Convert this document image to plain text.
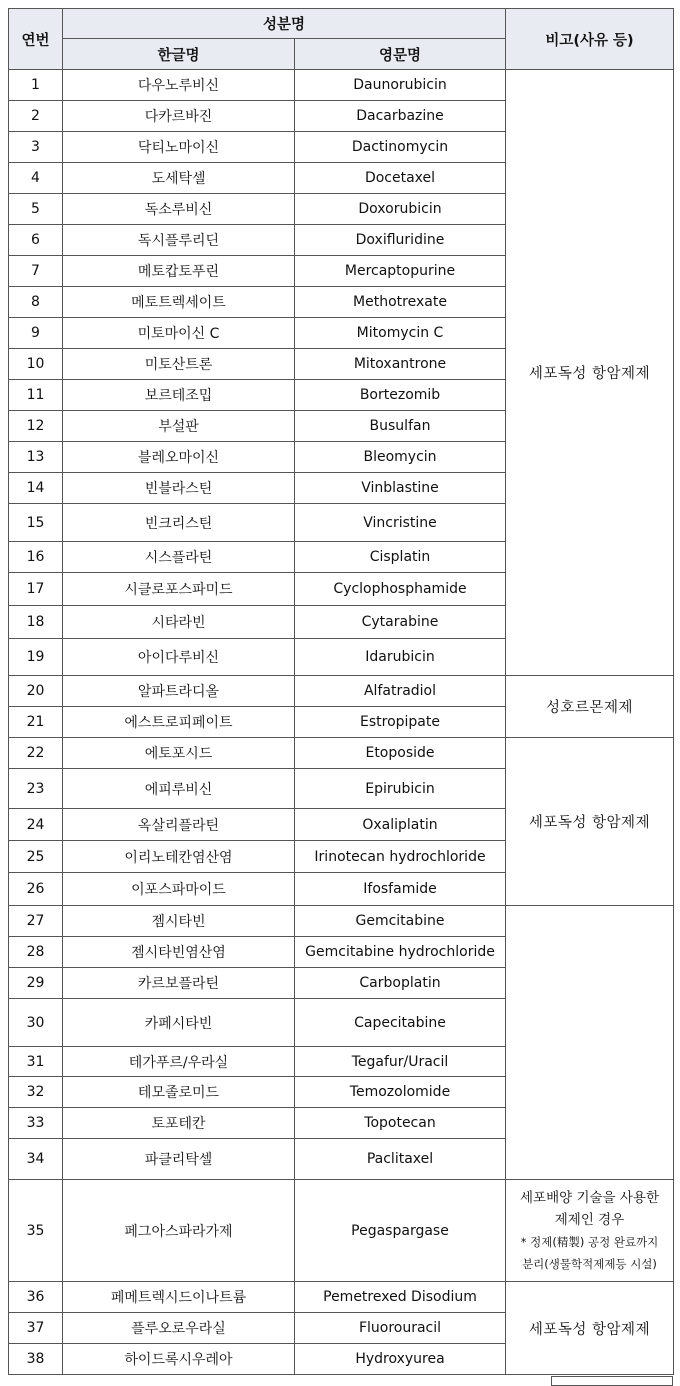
연번	성분명		비고(사유 등)
	한글명	영문명	
1	다우노루비신	Daunorubicin	세포독성 항암제제
2	다카르바진	Dacarbazine	
3	닥티노마이신	Dactinomycin	
4	도세탁셀	Docetaxel	
5	독소루비신	Doxorubicin	
6	독시플루리딘	Doxifluridine	
7	메토캅토푸린	Mercaptopurine	
8	메토트렉세이트	Methotrexate	
9	미토마이신 C	Mitomycin C	
10	미토산트론	Mitoxantrone	
11	보르테조밉	Bortezomib	
12	부설판	Busulfan	
13	블레오마이신	Bleomycin	
14	빈블라스틴	Vinblastine	
15	빈크리스틴	Vincristine	
16	시스플라틴	Cisplatin	
17	시클로포스파미드	Cyclophosphamide	
18	시타라빈	Cytarabine	
19	아이다루비신	Idarubicin	
20	알파트라디올	Alfatradiol	성호르몬제제
21	에스트로피페이트	Estropipate	
22	에토포시드	Etoposide	세포독성 항암제제
23	에피루비신	Epirubicin	
24	옥살리플라틴	Oxaliplatin	
25	이리노테칸염산염	Irinotecan hydrochloride	
26	이포스파마이드	Ifosfamide	
27	젬시타빈	Gemcitabine	
28	젬시타빈염산염	Gemcitabine hydrochloride	
29	카르보플라틴	Carboplatin	
30	카페시타빈	Capecitabine	
31	테가푸르/우라실	Tegafur/Uracil	
32	테모졸로미드	Temozolomide	
33	토포테칸	Topotecan	
34	파클리탁셀	Paclitaxel	
35	페그아스파라가제	Pegaspargase	세포배양 기술을 사용한
제제인 경우
* 정제(精製) 공정 완료까지
분리(생물학적제제등 시설)

36	페메트렉시드이나트륨	Pemetrexed Disodium	세포독성 항암제제
37	플루오로우라실	Fluorouracil	
38	하이드록시우레아	Hydroxyurea	
